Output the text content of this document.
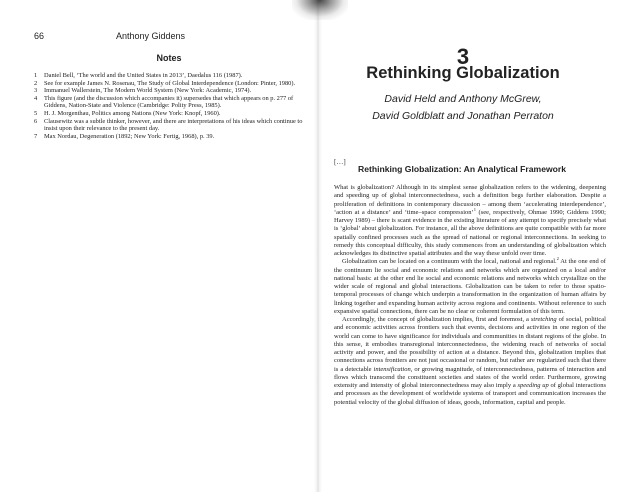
66	Anthony Giddens
Notes
1 Daniel Bell, ‘The world and the United States in 2013’, Daedalus 116 (1987).
2 See for example James N. Rosenau, The Study of Global Interdependence (London: Pinter, 1980).
3 Immanuel Wallerstein, The Modern World System (New York: Academic, 1974).
4 This figure (and the discussion which accompanies it) supersedes that which appears on p. 277 of Giddens, Nation-State and Violence (Cambridge: Polity Press, 1985).
5 H. J. Morgenthau, Politics among Nations (New York: Knopf, 1960).
6 Clausewitz was a subtle thinker, however, and there are interpretations of his ideas which continue to insist upon their relevance to the present day.
7 Max Nordau, Degeneration (1892; New York: Fertig, 1968), p. 39.
3
Rethinking Globalization
David Held and Anthony McGrew,
David Goldblatt and Jonathan Perraton
[…]
Rethinking Globalization: An Analytical Framework

What is globalization? Although in its simplest sense globalization refers to the widening, deepening and speeding up of global interconnectedness, such a definition begs further elaboration. Despite a proliferation of definitions in contemporary discussion – among them ‘accelerating interdependence’, ‘action at a distance’ and ‘time–space compression’$^1$ (see, respectively, Ohmae 1990; Giddens 1990; Harvey 1989) – there is scant evidence in the existing literature of any attempt to specify precisely what is ‘global’ about globalization. For instance, all the above definitions are quite compatible with far more spatially confined processes such as the spread of national or regional interconnections. In seeking to remedy this conceptual difficulty, this study commences from an understanding of globalization which acknowledges its distinctive spatial attributes and the way these unfold over time.

Globalization can be located on a continuum with the local, national and regional.$^2$ At the one end of the continuum lie social and economic relations and networks which are organized on a local and/or national basis: at the other end lie social and economic relations and networks which crystallize on the wider scale of regional and global interactions. Globalization can be taken to refer to those spatio-temporal processes of change which underpin a transformation in the organization of human affairs by linking together and expanding human activity across regions and continents. Without reference to such expansive spatial connections, there can be no clear or coherent formulation of this term.

Accordingly, the concept of globalization implies, first and foremost, a stretching of social, political and economic activities across frontiers such that events, decisions and activities in one region of the world can come to have significance for individuals and communities in distant regions of the globe. In this sense, it embodies transregional interconnectedness, the widening reach of networks of social activity and power, and the possibility of action at a distance. Beyond this, globalization implies that connections across frontiers are not just occasional or random, but rather are regularized such that there is a detectable intensification, or growing magnitude, of interconnectedness, patterns of interaction and flows which transcend the constituent societies and states of the world order. Furthermore, growing extensity and intensity of global interconnectedness may also imply a speeding up of global interactions and processes as the development of worldwide systems of transport and communication increases the potential velocity of the global diffusion of ideas, goods, information, capital and people.
